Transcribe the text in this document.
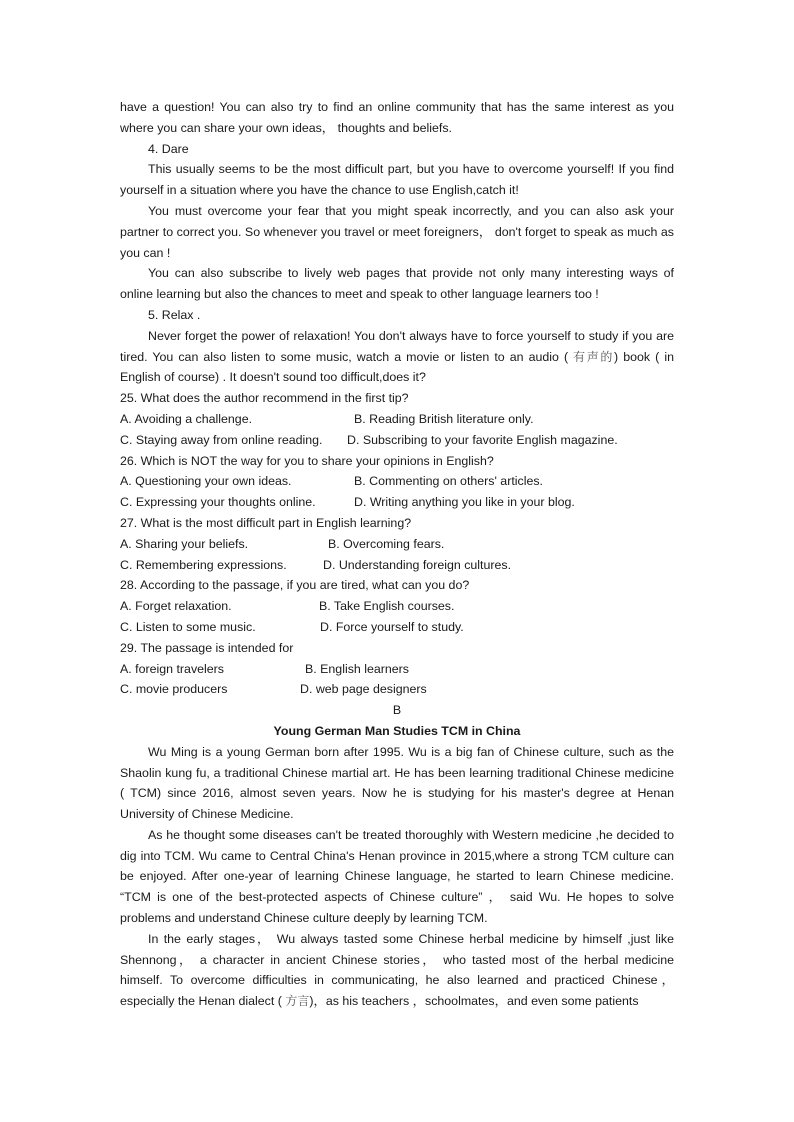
have a question! You can also try to find an online community that has the same interest as you where you can share your own ideas， thoughts and beliefs.

4. Dare

This usually seems to be the most difficult part, but you have to overcome yourself! If you find yourself in a situation where you have the chance to use English,catch it!

You must overcome your fear that you might speak incorrectly, and you can also ask your partner to correct you. So whenever you travel or meet foreigners， don't forget to speak as much as you can !

You can also subscribe to lively web pages that provide not only many interesting ways of online learning but also the chances to meet and speak to other language learners too !

5. Relax .

Never forget the power of relaxation! You don't always have to force yourself to study if you are tired. You can also listen to some music, watch a movie or listen to an audio ( 有声的) book ( in English of course) . It doesn't sound too difficult,does it?

25. What does the author recommend in the first tip?
A. Avoiding a challenge.	B. Reading British literature only.
C. Staying away from online reading. D. Subscribing to your favorite English magazine.
26. Which is NOT the way for you to share your opinions in English?
A. Questioning your own ideas.	B. Commenting on others' articles.
C. Expressing your thoughts online.	D. Writing anything you like in your blog.
27. What is the most difficult part in English learning?
A. Sharing your beliefs.	B. Overcoming fears.
C. Remembering expressions.	D. Understanding foreign cultures.
28. According to the passage, if you are tired, what can you do?
A. Forget relaxation.	B. Take English courses.
C. Listen to some music.	D. Force yourself to study.
29. The passage is intended for
A. foreign travelers	B. English learners
C. movie producers	D. web page designers
B
Young German Man Studies TCM in China

Wu Ming is a young German born after 1995. Wu is a big fan of Chinese culture, such as the Shaolin kung fu, a traditional Chinese martial art. He has been learning traditional Chinese medicine ( TCM) since 2016, almost seven years. Now he is studying for his master's degree at Henan University of Chinese Medicine.

As he thought some diseases can't be treated thoroughly with Western medicine ,he decided to dig into TCM. Wu came to Central China's Henan province in 2015,where a strong TCM culture can be enjoyed. After one-year of learning Chinese language, he started to learn Chinese medicine. “TCM is one of the best-protected aspects of Chinese culture” ， said Wu. He hopes to solve problems and understand Chinese culture deeply by learning TCM.

In the early stages， Wu always tasted some Chinese herbal medicine by himself ,just like Shennong， a character in ancient Chinese stories， who tasted most of the herbal medicine himself. To overcome difficulties in communicating, he also learned and practiced Chinese，especially the Henan dialect ( 方言)，as his teachers ，schoolmates，and even some patients
